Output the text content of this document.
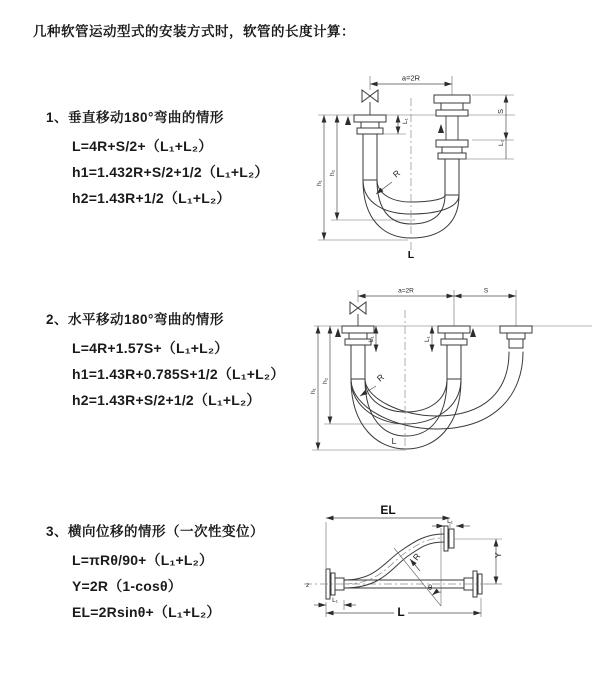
几种软管运动型式的安装方式时，软管的长度计算：
1、垂直移动180°弯曲的情形
L=4R+S/2+（L₁+L₂）
h1=1.432R+S/2+1/2（L₁+L₂）
h2=1.43R+1/2（L₁+L₂）
a=2R
L₁
S
L₂
h₁
h₂	R
L
2、水平移动180°弯曲的情形
L=4R+1.57S+（L₁+L₂）
h1=1.43R+0.785S+1/2（L₁+L₂）
h2=1.43R+S/2+1/2（L₁+L₂）
a=2R	S
L₁	L₁
h₁
h₂	R
L
3、横向位移的情形（一次性变位）
L=πRθ/90+（L₁+L₂）
Y=2R（1-cosθ）
EL=2Rsinθ+（L₁+L₂）
EL
L₁
Y
z	θ
R
L
L₁
